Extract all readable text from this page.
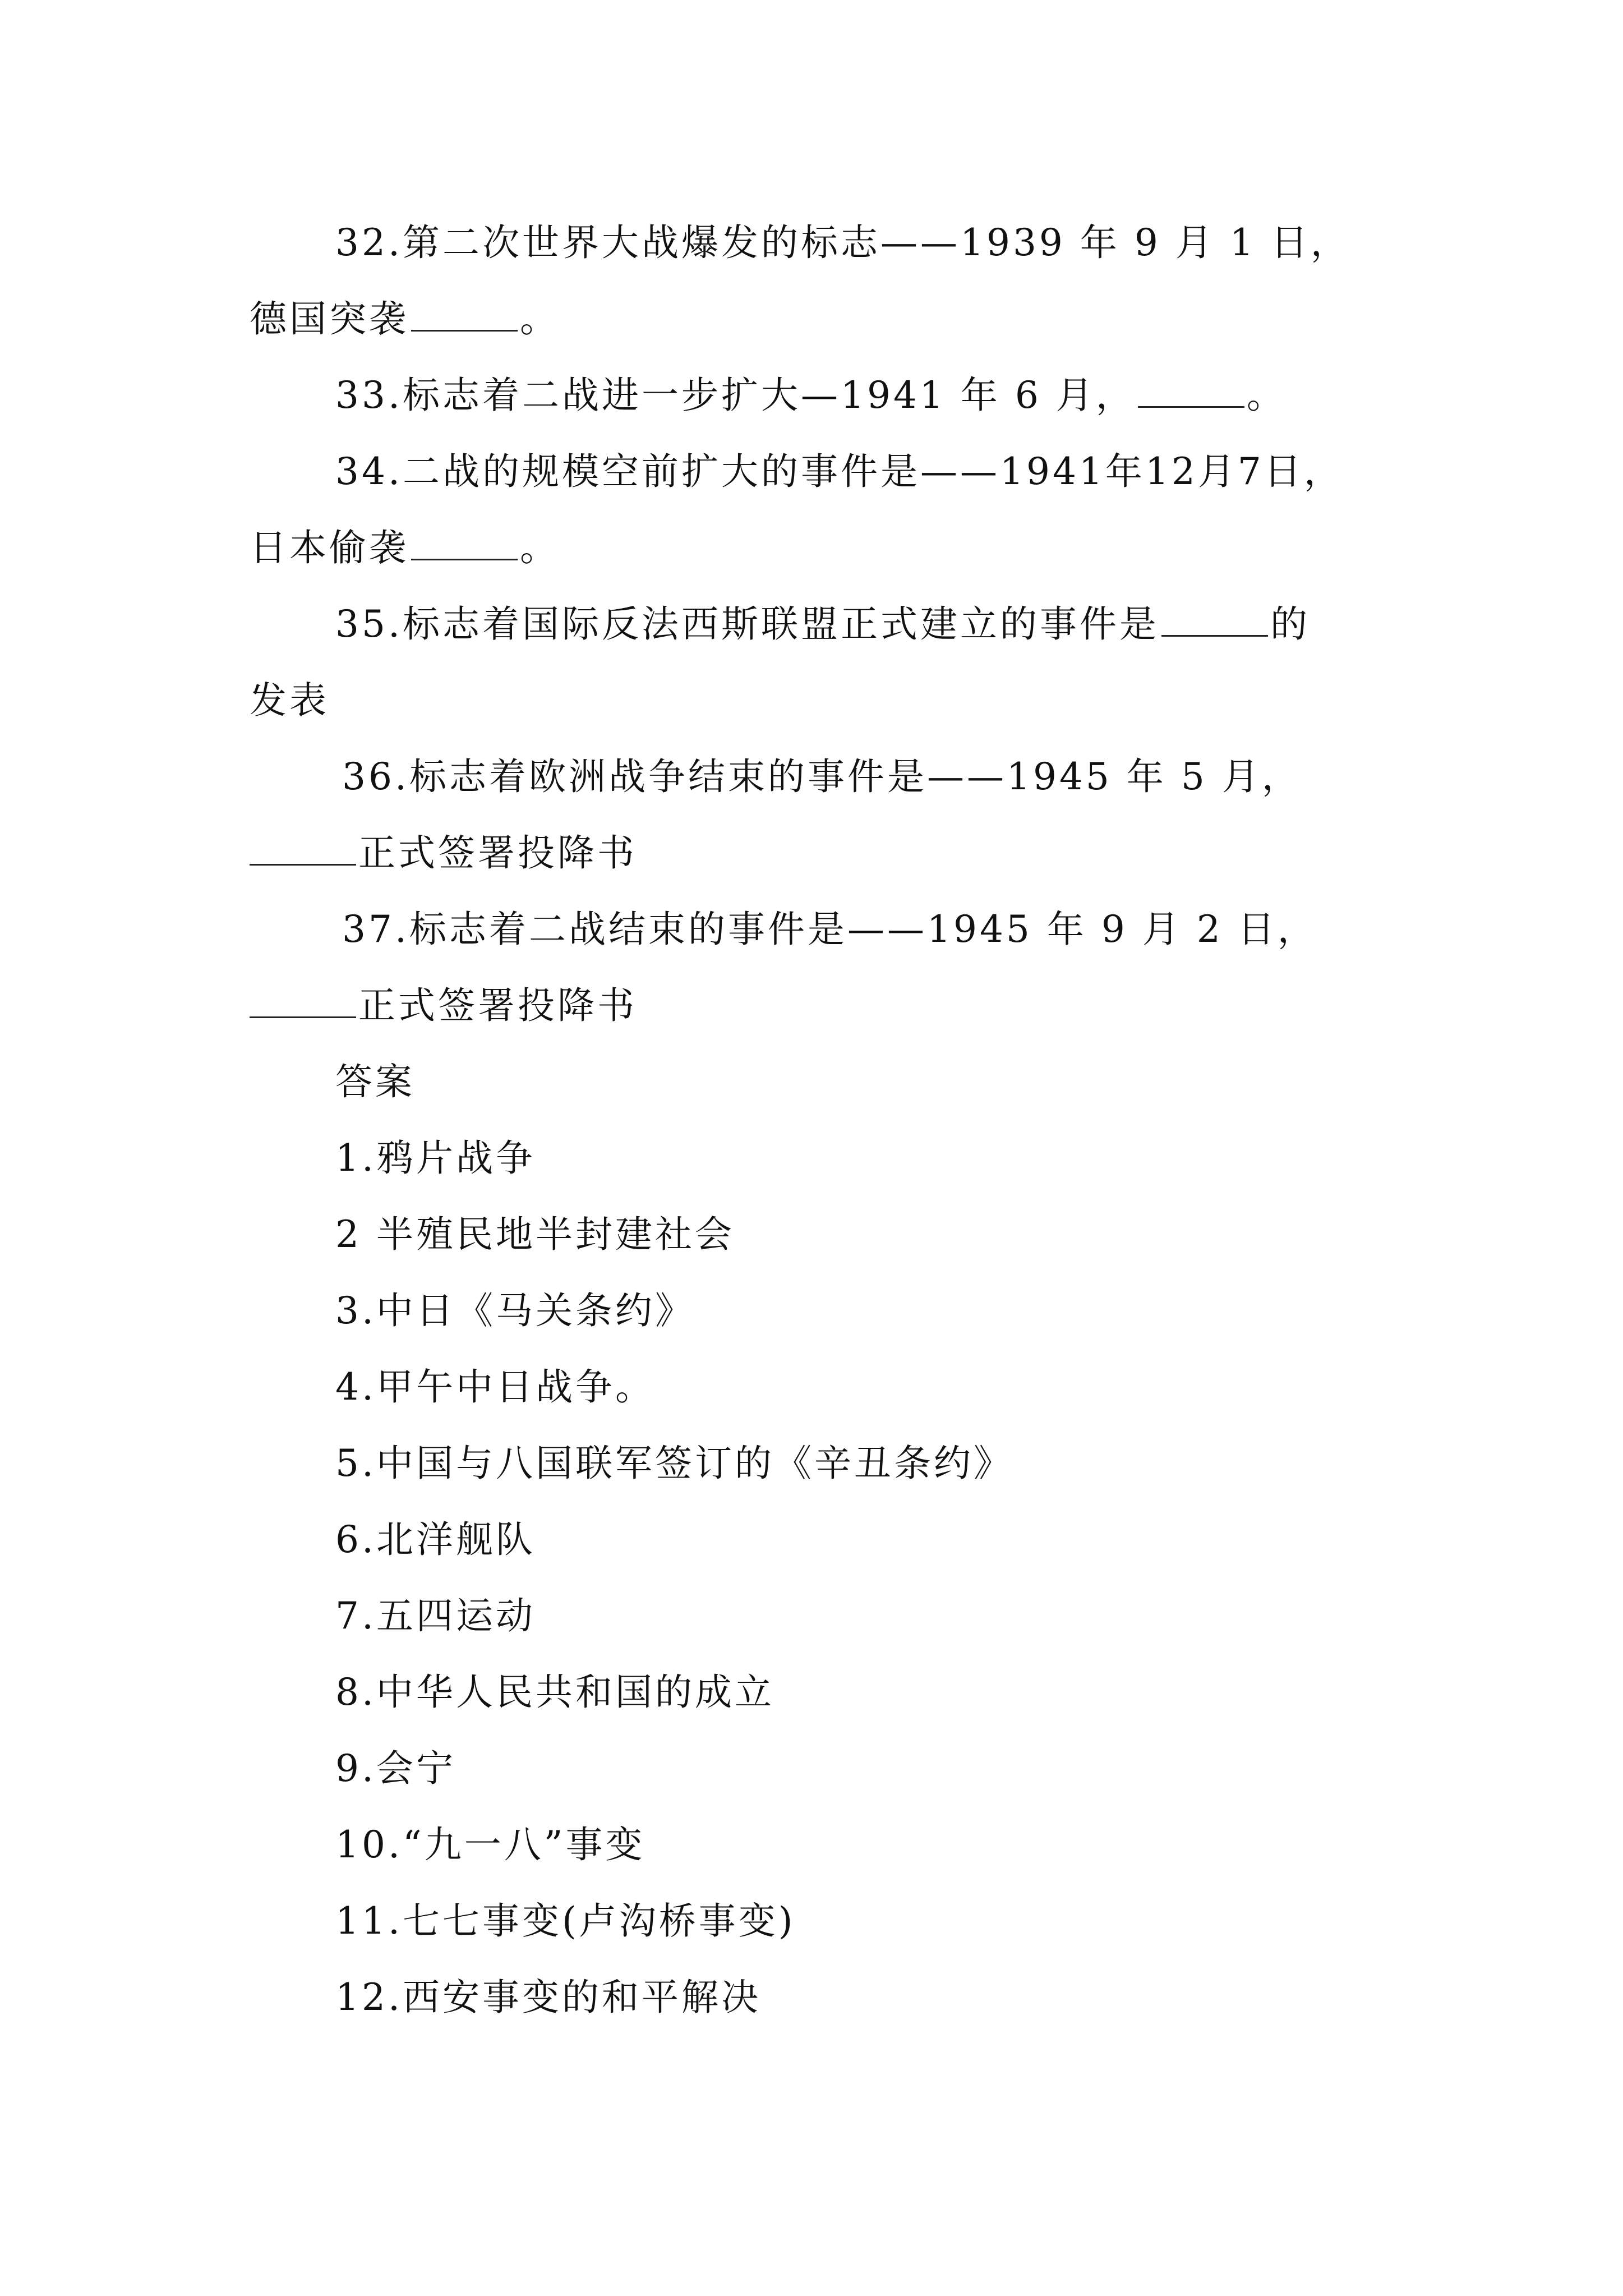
32.第二次世界大战爆发的标志——1939 年 9 月 1 日，
德国突袭	。
33.标志着二战进一步扩大—1941 年 6 月，	。
34.二战的规模空前扩大的事件是——1941年12月7日，
日本偷袭	。
35.标志着国际反法西斯联盟正式建立的事件是	的
发表
36.标志着欧洲战争结束的事件是——1945 年 5 月，
正式签署投降书
37.标志着二战结束的事件是——1945 年 9 月 2 日，
正式签署投降书
答案
1.鸦片战争
2 半殖民地半封建社会
3.中日《马关条约》
4.甲午中日战争。
5.中国与八国联军签订的《辛丑条约》
6.北洋舰队
7.五四运动
8.中华人民共和国的成立
9.会宁
10.“九一八”事变
11.七七事变(卢沟桥事变)
12.西安事变的和平解决
